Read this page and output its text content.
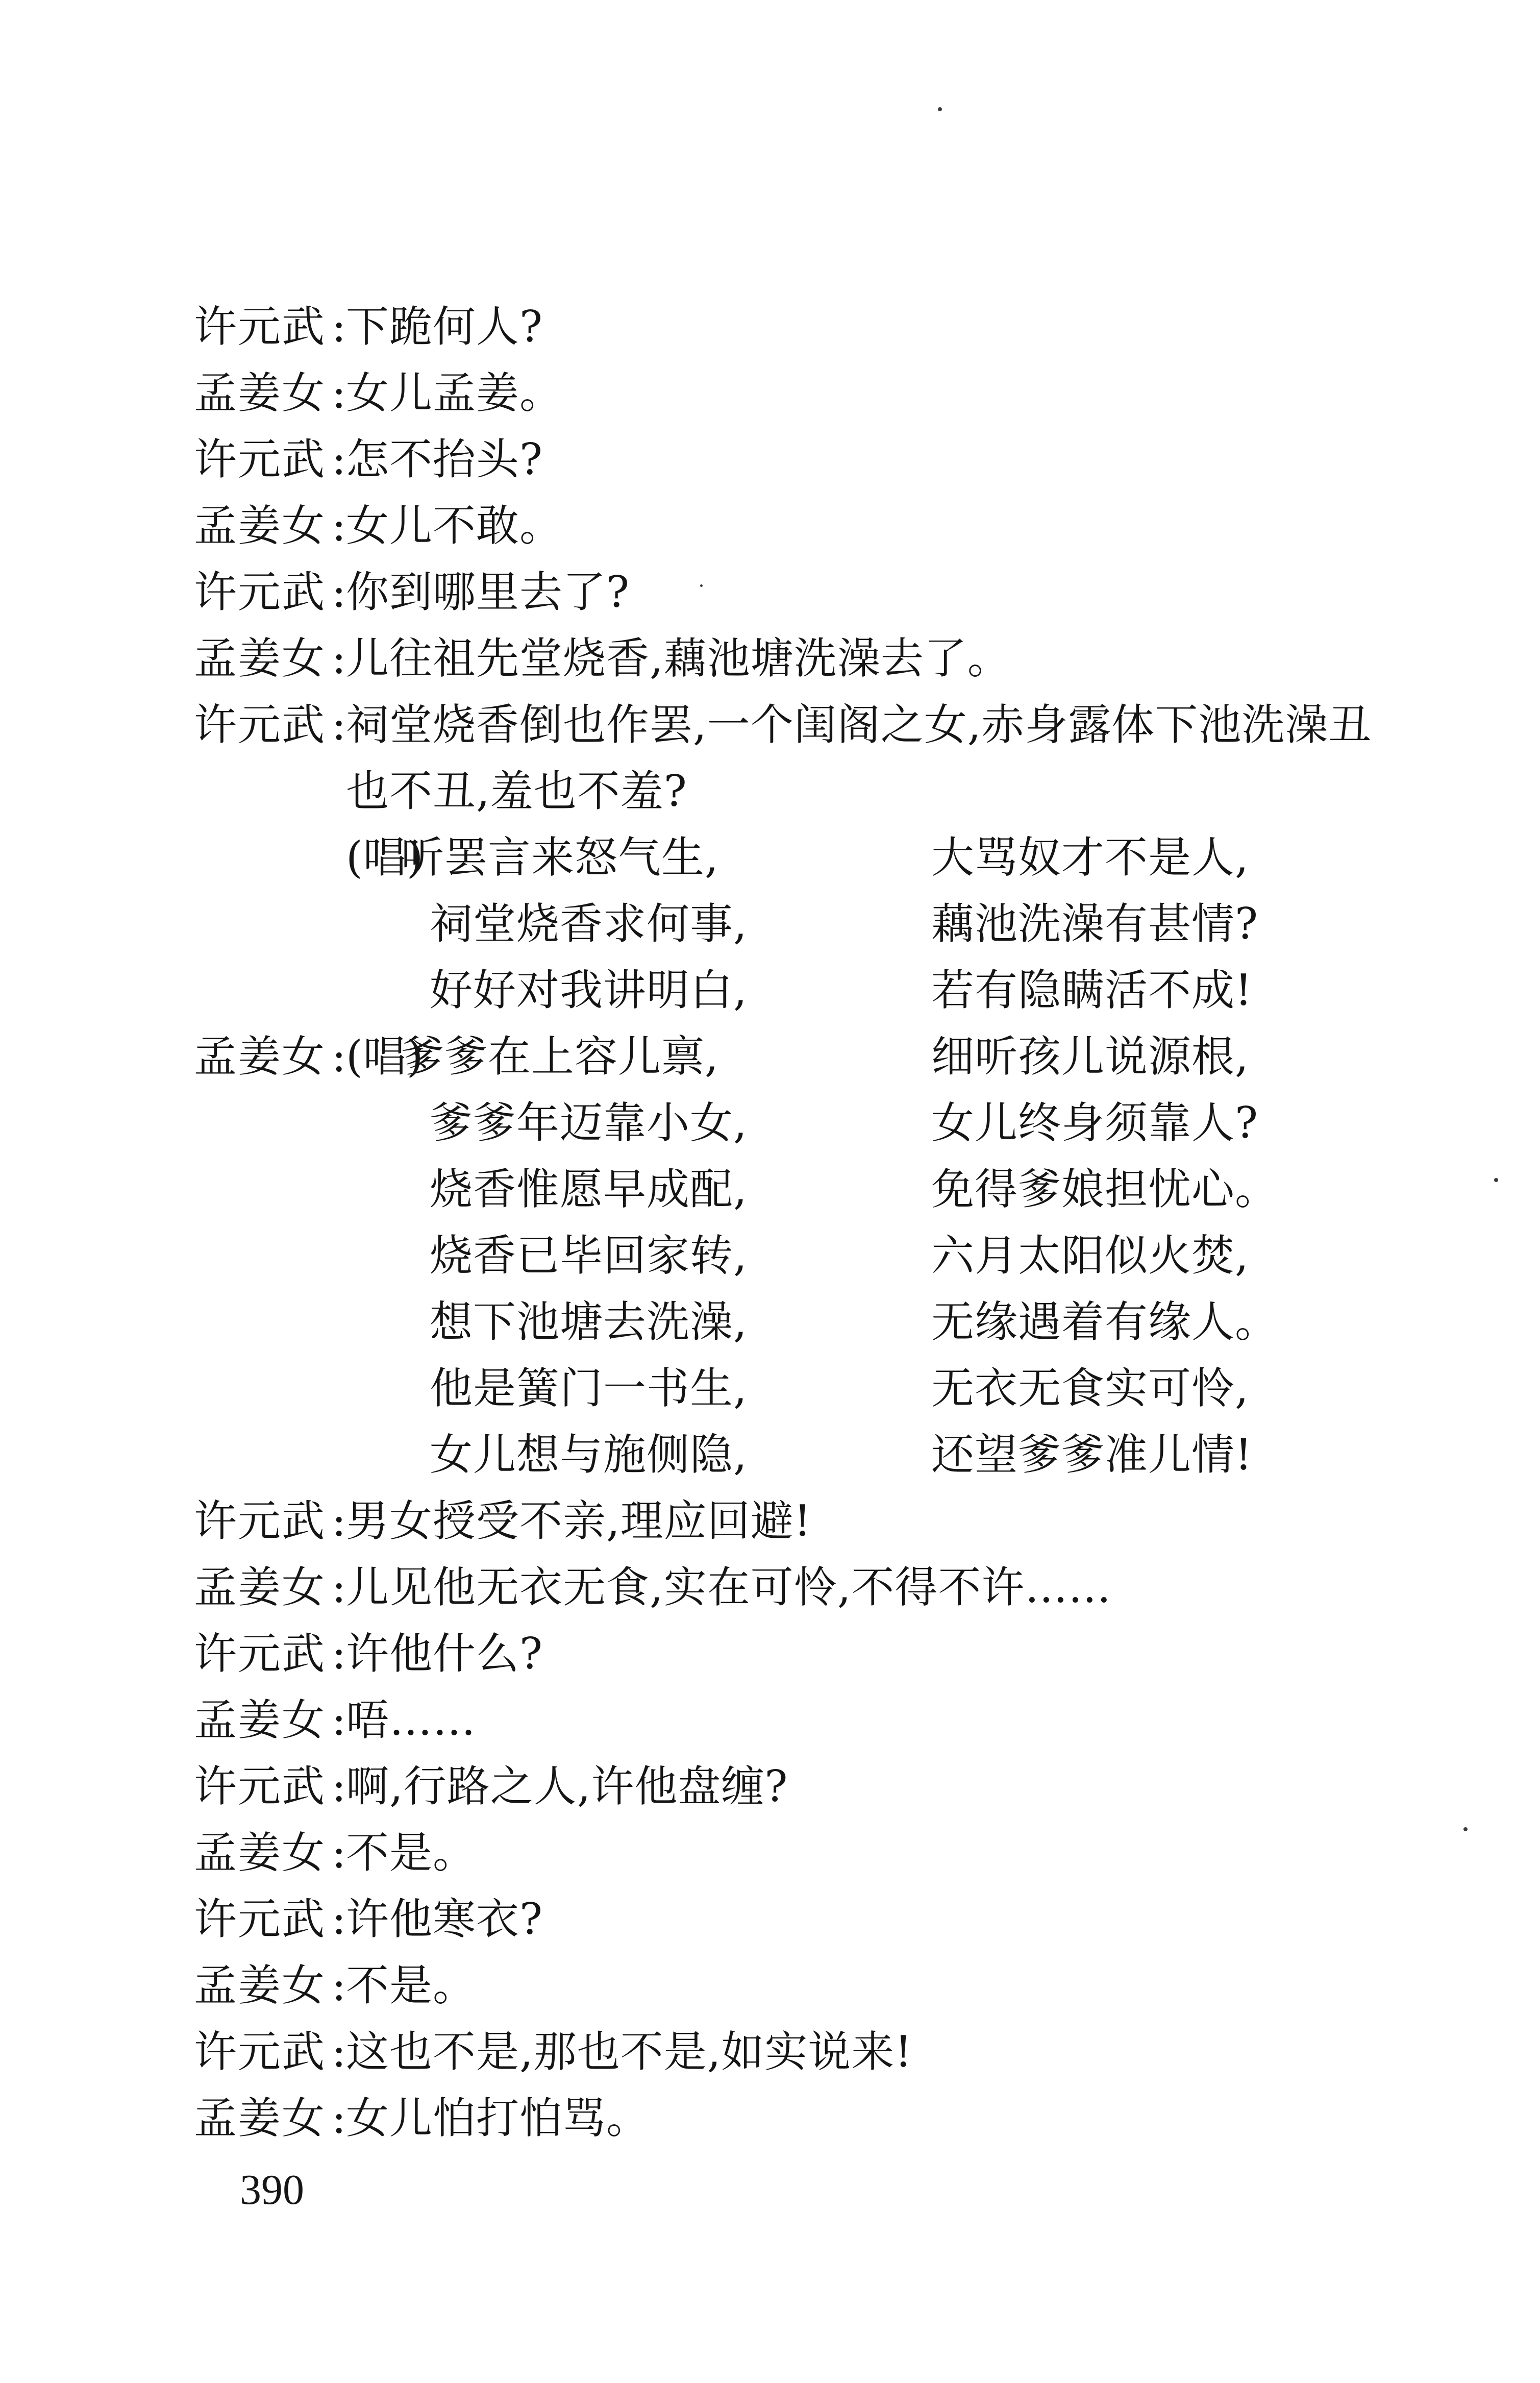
许元武 :下跪何人?
孟姜女 :女儿孟姜。
许元武 :怎不抬头?
孟姜女 :女儿不敢。
许元武 :你到哪里去了?
孟姜女 :儿往祖先堂烧香,藕池塘洗澡去了。
许元武 :祠堂烧香倒也作罢,一个闺阁之女,赤身露体下池洗澡丑
也不丑,羞也不羞?
(唱)
听罢言来怒气生,	大骂奴才不是人,
祠堂烧香求何事,	藕池洗澡有甚情?
好好对我讲明白,	若有隐瞒活不成!
孟姜女 : (唱)
爹爹在上容儿禀,	细听孩儿说源根,
爹爹年迈靠小女,	女儿终身须靠人?
烧香惟愿早成配,	免得爹娘担忧心。
烧香已毕回家转,	六月太阳似火焚,
想下池塘去洗澡,	无缘遇着有缘人。
他是簧门一书生,	无衣无食实可怜,
女儿想与施侧隐,	还望爹爹准儿情!
许元武 :男女授受不亲,理应回避!
孟姜女 :儿见他无衣无食,实在可怜,不得不许……
许元武 :许他什么?
孟姜女 :唔……
许元武 :啊,行路之人,许他盘缠?
孟姜女 :不是。
许元武 :许他寒衣?
孟姜女 :不是。
许元武 :这也不是,那也不是,如实说来!
孟姜女 :女儿怕打怕骂。
390
